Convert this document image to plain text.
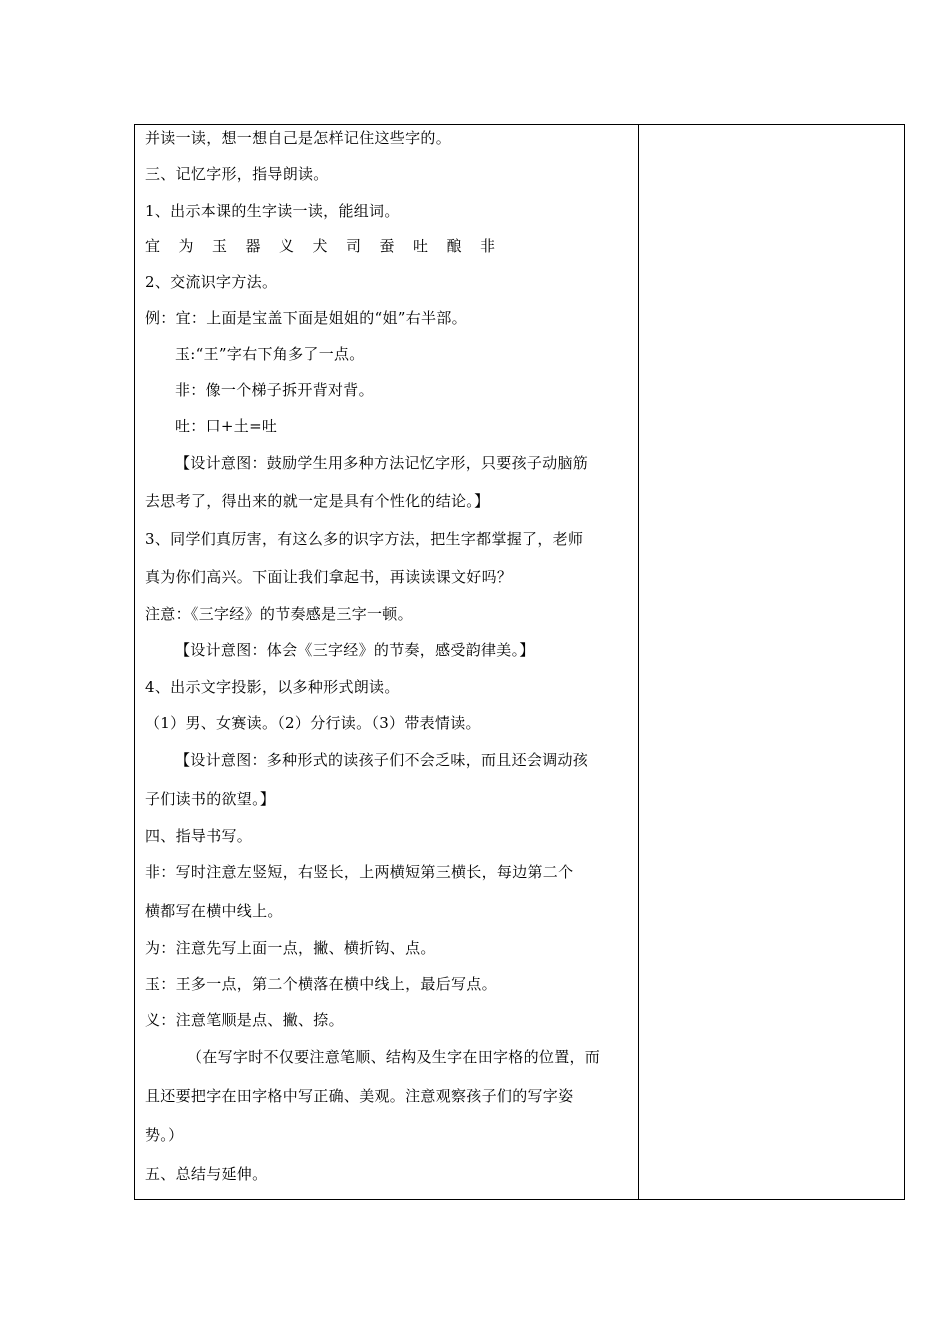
并读一读，想一想自己是怎样记住这些字的。
三、记忆字形，指导朗读。
1、出示本课的生字读一读，能组词。
宜 为 玉 器 义 犬 司 蚕 吐 酿 非
2、交流识字方法。
例：宜：上面是宝盖下面是姐姐的“姐”右半部。
玉:“王”字右下角多了一点。
非：像一个梯子拆开背对背。
吐：口+土=吐
【设计意图：鼓励学生用多种方法记忆字形，只要孩子动脑筋
去思考了，得出来的就一定是具有个性化的结论。】
3、同学们真厉害，有这么多的识字方法，把生字都掌握了，老师
真为你们高兴。下面让我们拿起书，再读读课文好吗？
注意：《三字经》的节奏感是三字一顿。
【设计意图：体会《三字经》的节奏，感受韵律美。】
4、出示文字投影，以多种形式朗读。
（1）男、女赛读。（2）分行读。（3）带表情读。
【设计意图：多种形式的读孩子们不会乏味，而且还会调动孩
子们读书的欲望。】
四、指导书写。
非：写时注意左竖短，右竖长，上两横短第三横长，每边第二个
横都写在横中线上。
为：注意先写上面一点，撇、横折钩、点。
玉：王多一点，第二个横落在横中线上，最后写点。
义：注意笔顺是点、撇、捺。
（在写字时不仅要注意笔顺、结构及生字在田字格的位置，而
且还要把字在田字格中写正确、美观。注意观察孩子们的写字姿
势。）
五、总结与延伸。
